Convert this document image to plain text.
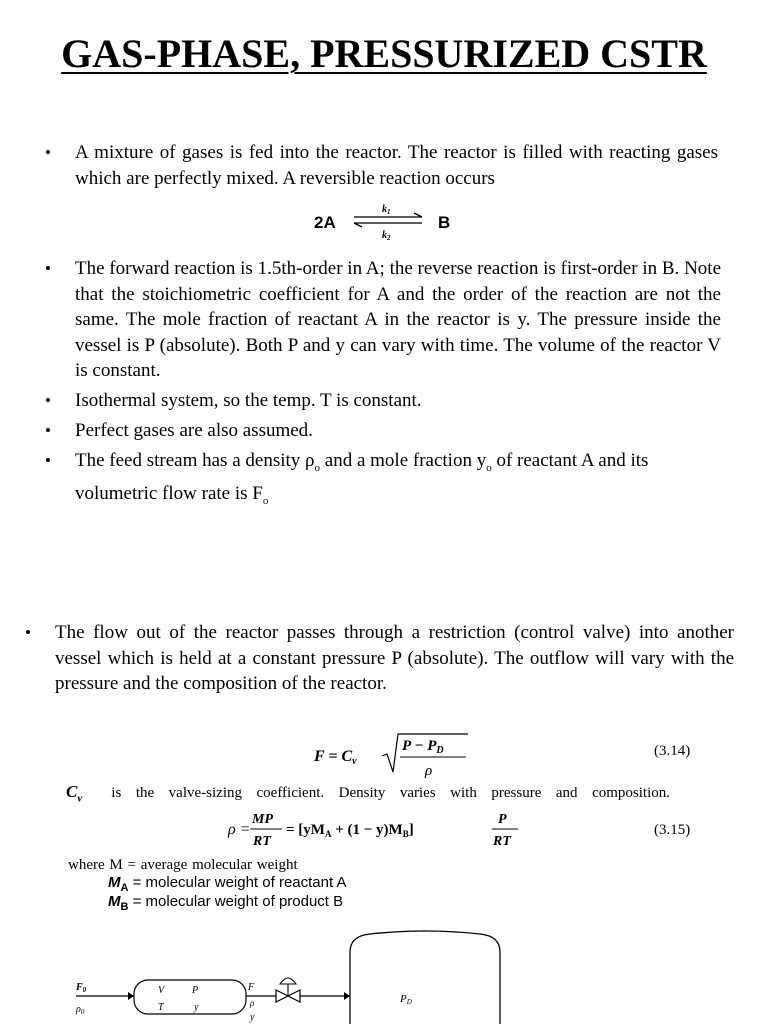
GAS-PHASE, PRESSURIZED CSTR
• A mixture of gases is fed into the reactor. The reactor is filled with reacting gases which are perfectly mixed. A reversible reaction occurs
2A	B
$k_1$
$k_2$
• The forward reaction is 1.5th-order in A; the reverse reaction is first-order in B. Note that the stoichiometric coefficient for A and the order of the reaction are not the same. The mole fraction of reactant A in the reactor is y. The pressure inside the vessel is P (absolute). Both P and y can vary with time. The volume of the reactor V is constant.
• Isothermal system, so the temp. T is constant.
• Perfect gases are also assumed.
• The feed stream has a density $\rho_o$ and a mole fraction $y_o$ of reactant A and its volumetric flow rate is $F_o$
• The flow out of the reactor passes through a restriction (control valve) into another vessel which is held at a constant pressure P (absolute). The outflow will vary with the pressure and the composition of the reactor.
F = Cv
$P - P_D$
ρ
(3.14)
$C_v$ is the valve-sizing coefficient. Density varies with pressure and composition.
ρ =
MP
RT
= $[yM_A + (1 - y)M_B]$
P
RT
(3.15)
where M = average molecular weight
$M_A$ = molecular weight of reactant A
$M_B$ = molecular weight of product B
PD
$F_0$
$\rho_0$
V	P
T	y
F
ρ
y
